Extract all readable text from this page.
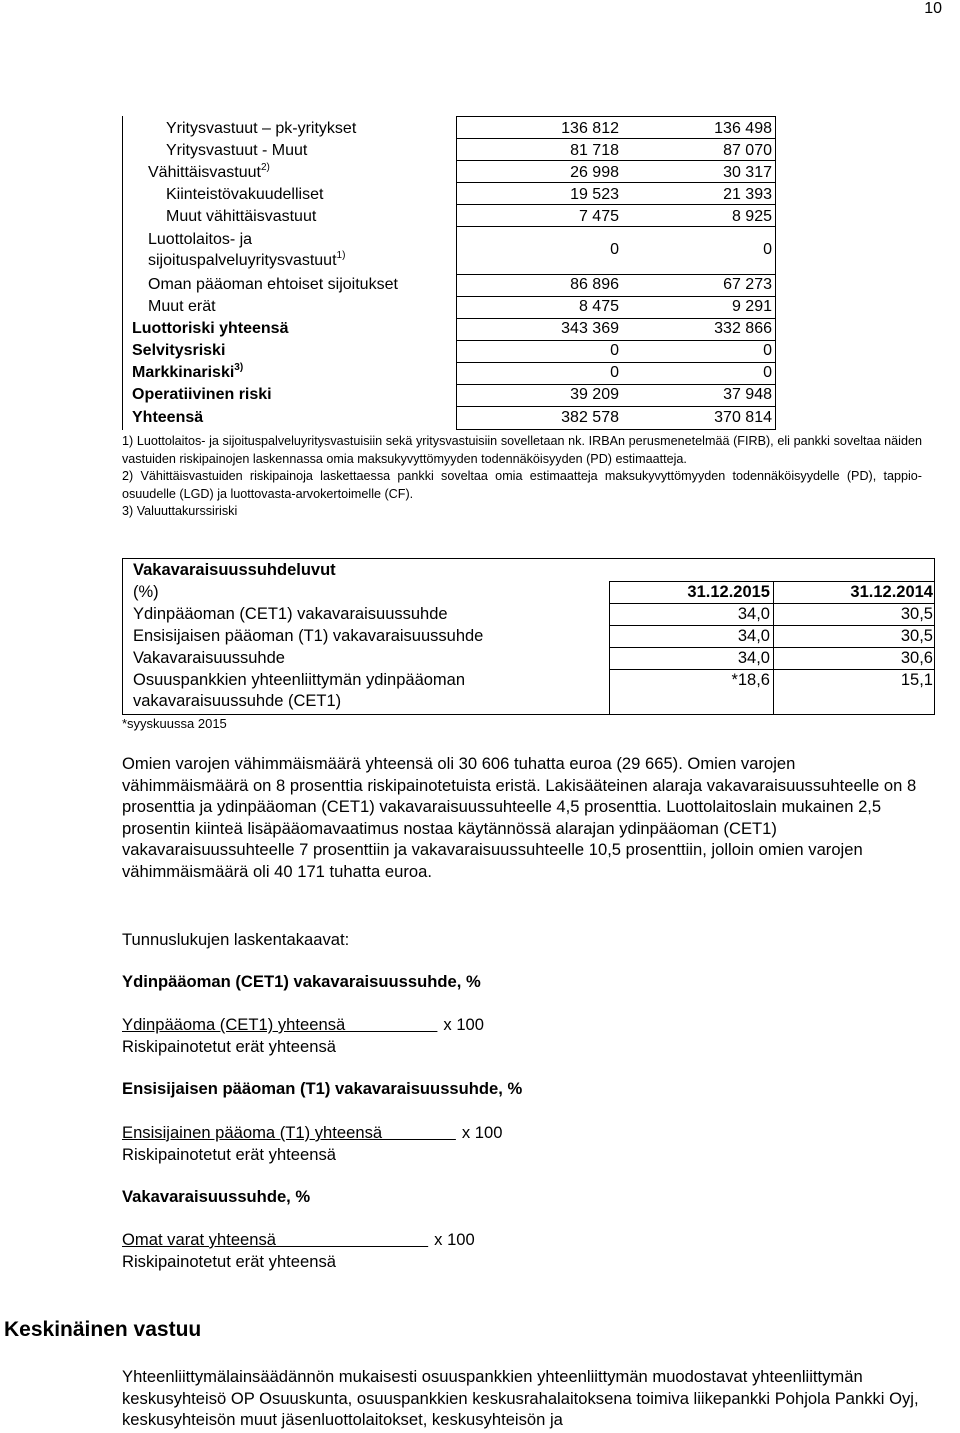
10
Yritysvastuut – pk-yritykset	136 812	136 498
Yritysvastuut - Muut	81 718	87 070
Vähittäisvastuut$^{2)}$	26 998	30 317
Kiinteistövakuudelliset	19 523	21 393
Muut vähittäisvastuut	7 475	8 925
Luottolaitos- ja
sijoituspalveluyritysvastuut$^{1)}$	0	0
Oman pääoman ehtoiset sijoitukset	86 896	67 273
Muut erät	8 475	9 291
Luottoriski yhteensä	343 369	332 866
Selvitysriski	0	0
Markkinariski$^{3)}$	0	0
Operatiivinen riski	39 209	37 948
Yhteensä	382 578	370 814

1) Luottolaitos- ja sijoituspalveluyritysvastuisiin sekä yritysvastuisiin sovelletaan nk. IRBAn perusmenetelmää (FIRB), eli pankki soveltaa näiden vastuiden riskipainojen laskennassa omia maksukyvyttömyyden todennäköisyyden (PD) estimaatteja.

2) Vähittäisvastuiden riskipainoja laskettaessa pankki soveltaa omia estimaatteja maksukyvyttömyyden todennäköisyydelle (PD), tappio-osuudelle (LGD) ja luottovasta-arvokertoimelle (CF).

3) Valuuttakurssiriski

Vakavaraisuussuhdeluvut
(%)	31.12.2015	31.12.2014
Ydinpääoman (CET1) vakavaraisuussuhde	34,0	30,5
Ensisijaisen pääoman (T1) vakavaraisuussuhde	34,0	30,5
Vakavaraisuussuhde	34,0	30,6
Osuuspankkien yhteenliittymän ydinpääoman
vakavaraisuussuhde (CET1)
*18,6	15,1
*syyskuussa 2015

Omien varojen vähimmäismäärä yhteensä oli 30 606 tuhatta euroa (29 665). Omien varojen vähimmäismäärä on 8 prosenttia riskipainotetuista eristä. Lakisääteinen alaraja vakavaraisuussuhteelle on 8 prosenttia ja ydinpääoman (CET1) vakavaraisuussuhteelle 4,5 prosenttia. Luottolaitoslain mukainen 2,5 prosentin kiinteä lisäpääomavaatimus nostaa käytännössä alarajan ydinpääoman (CET1) vakavaraisuussuhteelle 7 prosenttiin ja vakavaraisuussuhteelle 10,5 prosenttiin, jolloin omien varojen vähimmäismäärä oli 40 171 tuhatta euroa.

Tunnuslukujen laskentakaavat:
Ydinpääoman (CET1) vakavaraisuussuhde, %
Ydinpääoma (CET1) yhteensä                    x 100
Riskipainotetut erät yhteensä
Ensisijaisen pääoman (T1) vakavaraisuussuhde, %
Ensisijainen pääoma (T1) yhteensä                x 100
Riskipainotetut erät yhteensä
Vakavaraisuussuhde, %
Omat varat yhteensä                                 x 100
Riskipainotetut erät yhteensä
Keskinäinen vastuu

Yhteenliittymälainsäädännön mukaisesti osuuspankkien yhteenliittymän muodostavat yhteenliittymän keskusyhteisö OP Osuuskunta, osuuspankkien keskusrahalaitoksena toimiva liikepankki Pohjola Pankki Oyj, keskusyhteisön muut jäsenluottolaitokset, keskusyhteisön ja
